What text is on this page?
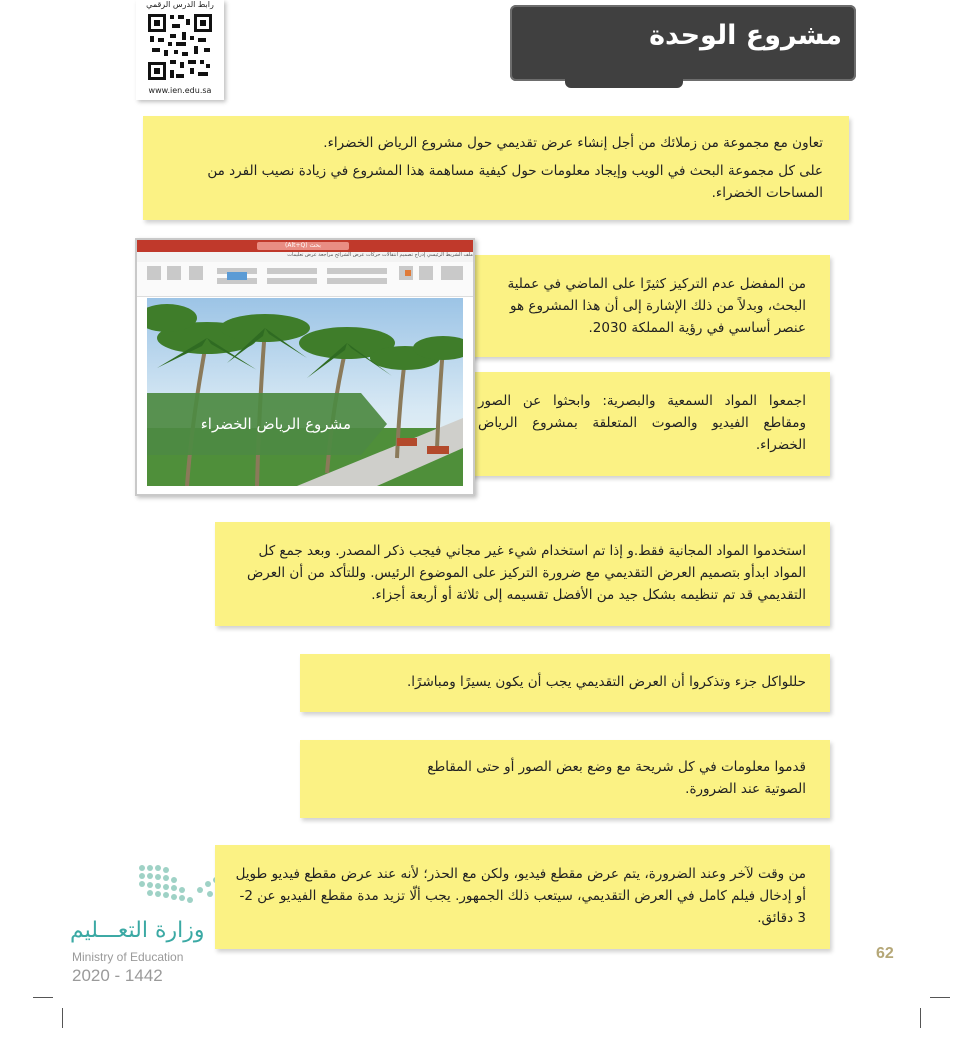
رابط الدرس الرقمي
www.ien.edu.sa
مشروع الوحدة

تعاون مع مجموعة من زملائك من أجل إنشاء عرض تقديمي حول مشروع الرياض الخضراء.

على كل مجموعة البحث في الويب وإيجاد معلومات حول كيفية مساهمة هذا المشروع في زيادة نصيب الفرد من المساحات الخضراء.

من المفضل عدم التركيز كثيرًا على الماضي في عملية البحث، وبدلاً من ذلك الإشارة إلى أن هذا المشروع هو عنصر أساسي في رؤية المملكة 2030.

اجمعوا المواد السمعية والبصرية: وابحثوا عن الصور ومقاطع الفيديو والصوت المتعلقة بمشروع الرياض الخضراء.

بحث (Alt+Q)
ملف الشريط الرئيسي إدراج تصميم انتقالات حركات عرض الشرائح مراجعة عرض تعليمات
مشروع الرياض الخضراء

استخدموا المواد المجانية فقط.و إذا تم استخدام شيء غير مجاني فيجب ذكر المصدر. وبعد جمع كل المواد ابدأو بتصميم العرض التقديمي مع ضرورة التركيز على الموضوع الرئيس. وللتأكد من أن العرض التقديمي قد تم تنظيمه بشكل جيد من الأفضل تقسيمه إلى ثلاثة أو أربعة أجزاء.

حللواكل جزء وتذكروا أن العرض التقديمي يجب أن يكون يسيرًا ومباشرًا.

قدموا معلومات في كل شريحة مع وضع بعض الصور أو حتى المقاطع الصوتية عند الضرورة.

وزارة التعـــليم
Ministry of Education
2020 - 1442

من وقت لآخر وعند الضرورة، يتم عرض مقطع فيديو، ولكن مع الحذر؛ لأنه عند عرض مقطع فيديو طويل أو إدخال فيلم كامل في العرض التقديمي، سيتعب ذلك الجمهور. يجب ألّا تزيد مدة مقطع الفيديو عن 2-3 دقائق.

62
